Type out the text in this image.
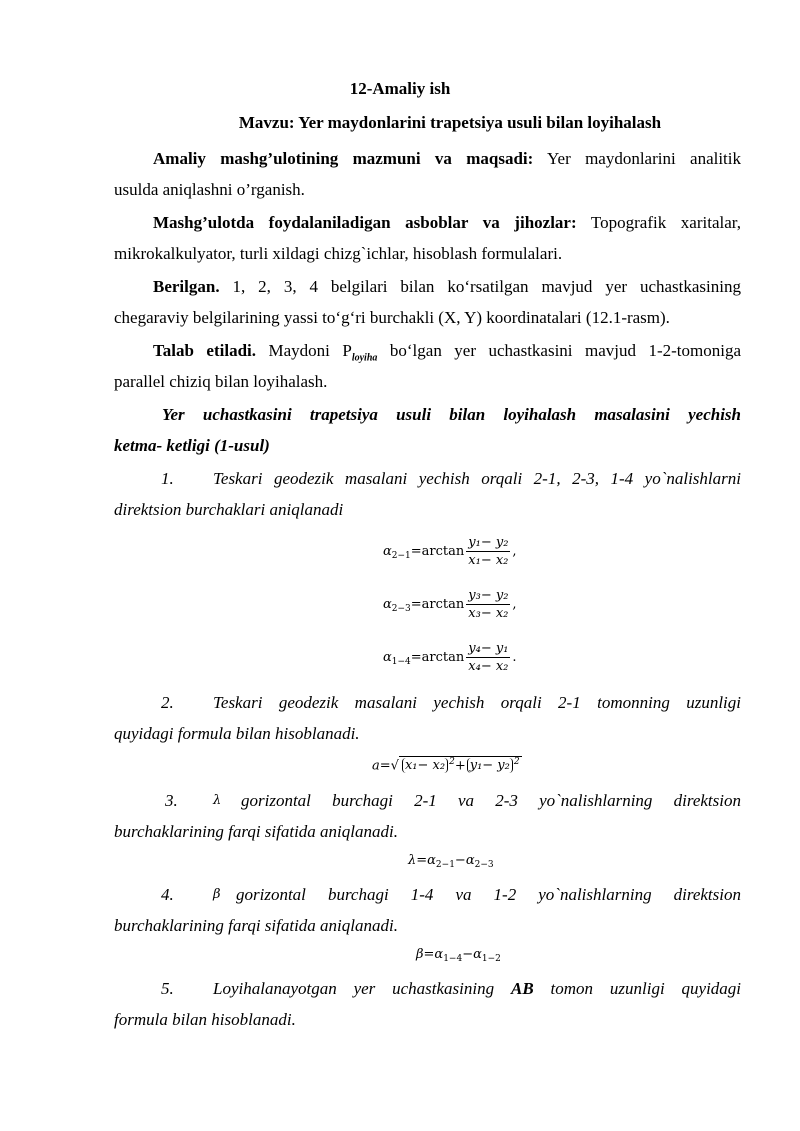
12-Amaliy ish
Mavzu: Yer maydonlarini trapetsiya usuli bilan loyihalash
Amaliy mashg’ulotining mazmuni va maqsadi: Yer maydonlarini analitik
usulda aniqlashni o’rganish.
Mashg’ulotda foydalaniladigan asboblar va jihozlar: Topografik xaritalar,
mikrokalkulyator, turli xildagi chizg`ichlar, hisoblash formulalari.
Berilgan. 1, 2, 3, 4 belgilari bilan ko‘rsatilgan mavjud yer uchastkasining
chegaraviy belgilarining yassi to‘g‘ri burchakli (X, Y) koordinatalari (12.1-rasm).
Talab etiladi. Maydoni $P_{loyiha}$ bo‘lgan yer uchastkasini mavjud 1-2-tomoniga
parallel chiziq bilan loyihalash.
Yer uchastkasini trapetsiya usuli bilan loyihalash masalasini yechish
ketma- ketligi (1-usul)
1. Teskari geodezik masalani yechish orqali 2-1, 2-3, 1-4 yo`nalishlarni
direktsion burchaklari aniqlanadi
$\alpha_{2-1}=\arctan \frac{\text{y₁− y₂}}{\text{x₁− x₂}}$ ,
$\alpha_{2-3}=\arctan \frac{\text{y₃− y₂}}{\text{x₃− x₂}}$ ,
$\alpha_{1-4}=\arctan \frac{\text{y₄− y₁}}{\text{x₄− x₂}}$ .
2. Teskari geodezik masalani yechish orqali 2-1 tomonning uzunligi
quyidagi formula bilan hisoblanadi.
a=√ x₁− x₂ $^2$+ y₁− y₂ $^2$
3.	λ gorizontal burchagi 2-1 va 2-3 yo`nalishlarning direktsion
burchaklarining farqi sifatida aniqlanadi.
$\lambda=\alpha_{2-1}-\alpha_{2-3}$
4.	β gorizontal burchagi 1-4 va 1-2 yo`nalishlarning direktsion
burchaklarining farqi sifatida aniqlanadi.
$\beta=\alpha_{1-4}-\alpha_{1-2}$
5. Loyihalanayotgan yer uchastkasining AB tomon uzunligi quyidagi
formula bilan hisoblanadi.
